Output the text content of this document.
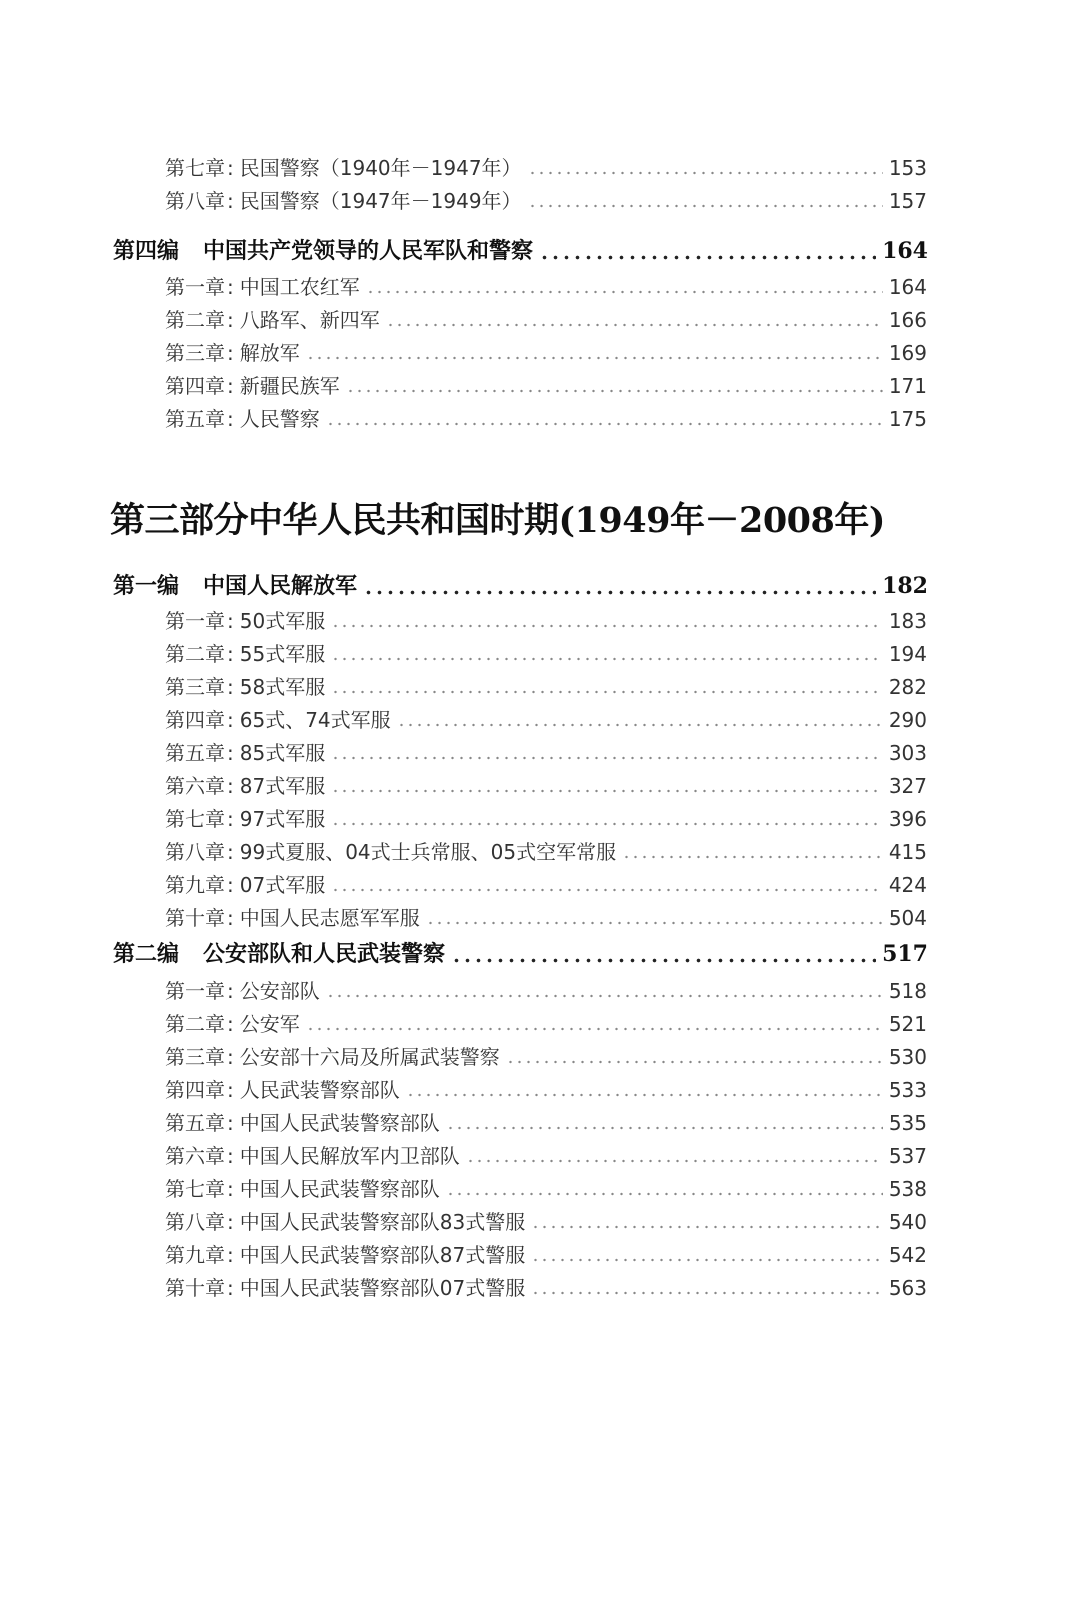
第七章 : 民国警察（1940年－1947年）	153
第八章 : 民国警察（1947年－1949年）	157
第四编 中国共产党领导的人民军队和警察	164
第一章 : 中国工农红军	164
第二章 : 八路军、新四军	166
第三章 : 解放军	169
第四章 : 新疆民族军	171
第五章 : 人民警察	175
第三部分中华人民共和国时期(1949年－2008年)
第一编 中国人民解放军	182
第一章 : 50式军服	183
第二章 : 55式军服	194
第三章 : 58式军服	282
第四章 : 65式、74式军服	290
第五章 : 85式军服	303
第六章 : 87式军服	327
第七章 : 97式军服	396
第八章 : 99式夏服、04式士兵常服、05式空军常服	415
第九章 : 07式军服	424
第十章 : 中国人民志愿军军服	504
第二编 公安部队和人民武装警察	517
第一章 : 公安部队	518
第二章 : 公安军	521
第三章 : 公安部十六局及所属武装警察	530
第四章 : 人民武装警察部队	533
第五章 : 中国人民武装警察部队	535
第六章 : 中国人民解放军内卫部队	537
第七章 : 中国人民武装警察部队	538
第八章 : 中国人民武装警察部队83式警服	540
第九章 : 中国人民武装警察部队87式警服	542
第十章 : 中国人民武装警察部队07式警服	563
